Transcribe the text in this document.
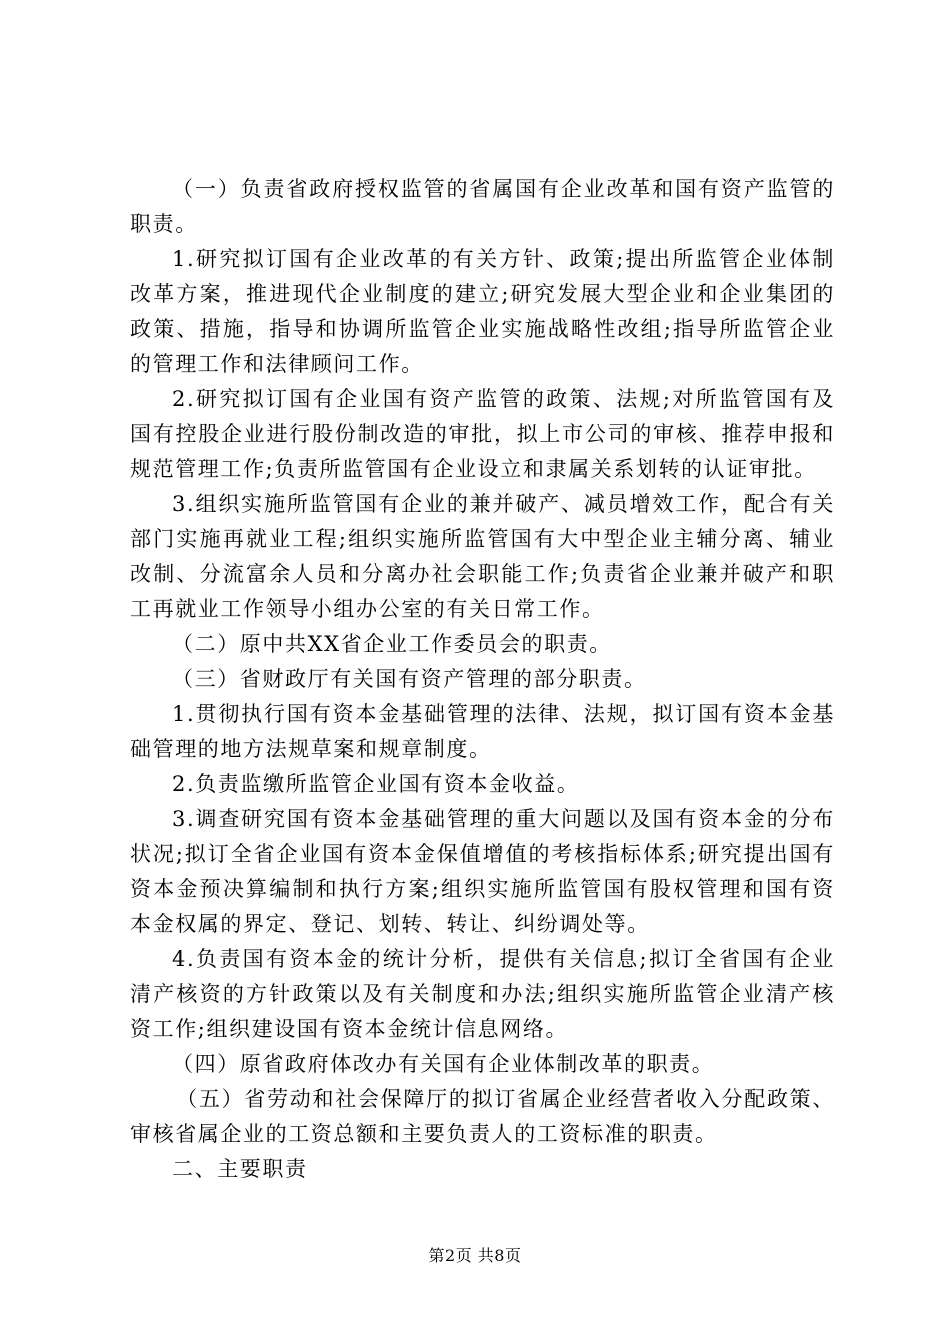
（一）负责省政府授权监管的省属国有企业改革和国有资产监管的职责。

1.研究拟订国有企业改革的有关方针、政策;提出所监管企业体制改革方案，推进现代企业制度的建立;研究发展大型企业和企业集团的政策、措施，指导和协调所监管企业实施战略性改组;指导所监管企业的管理工作和法律顾问工作。

2.研究拟订国有企业国有资产监管的政策、法规;对所监管国有及国有控股企业进行股份制改造的审批，拟上市公司的审核、推荐申报和规范管理工作;负责所监管国有企业设立和隶属关系划转的认证审批。

3.组织实施所监管国有企业的兼并破产、减员增效工作，配合有关部门实施再就业工程;组织实施所监管国有大中型企业主辅分离、辅业改制、分流富余人员和分离办社会职能工作;负责省企业兼并破产和职工再就业工作领导小组办公室的有关日常工作。

（二）原中共XX省企业工作委员会的职责。

（三）省财政厅有关国有资产管理的部分职责。

1.贯彻执行国有资本金基础管理的法律、法规，拟订国有资本金基础管理的地方法规草案和规章制度。

2.负责监缴所监管企业国有资本金收益。

3.调查研究国有资本金基础管理的重大问题以及国有资本金的分布状况;拟订全省企业国有资本金保值增值的考核指标体系;研究提出国有资本金预决算编制和执行方案;组织实施所监管国有股权管理和国有资本金权属的界定、登记、划转、转让、纠纷调处等。

4.负责国有资本金的统计分析，提供有关信息;拟订全省国有企业清产核资的方针政策以及有关制度和办法;组织实施所监管企业清产核资工作;组织建设国有资本金统计信息网络。

（四）原省政府体改办有关国有企业体制改革的职责。

（五）省劳动和社会保障厅的拟订省属企业经营者收入分配政策、审核省属企业的工资总额和主要负责人的工资标准的职责。

二、主要职责

第2页 共8页
